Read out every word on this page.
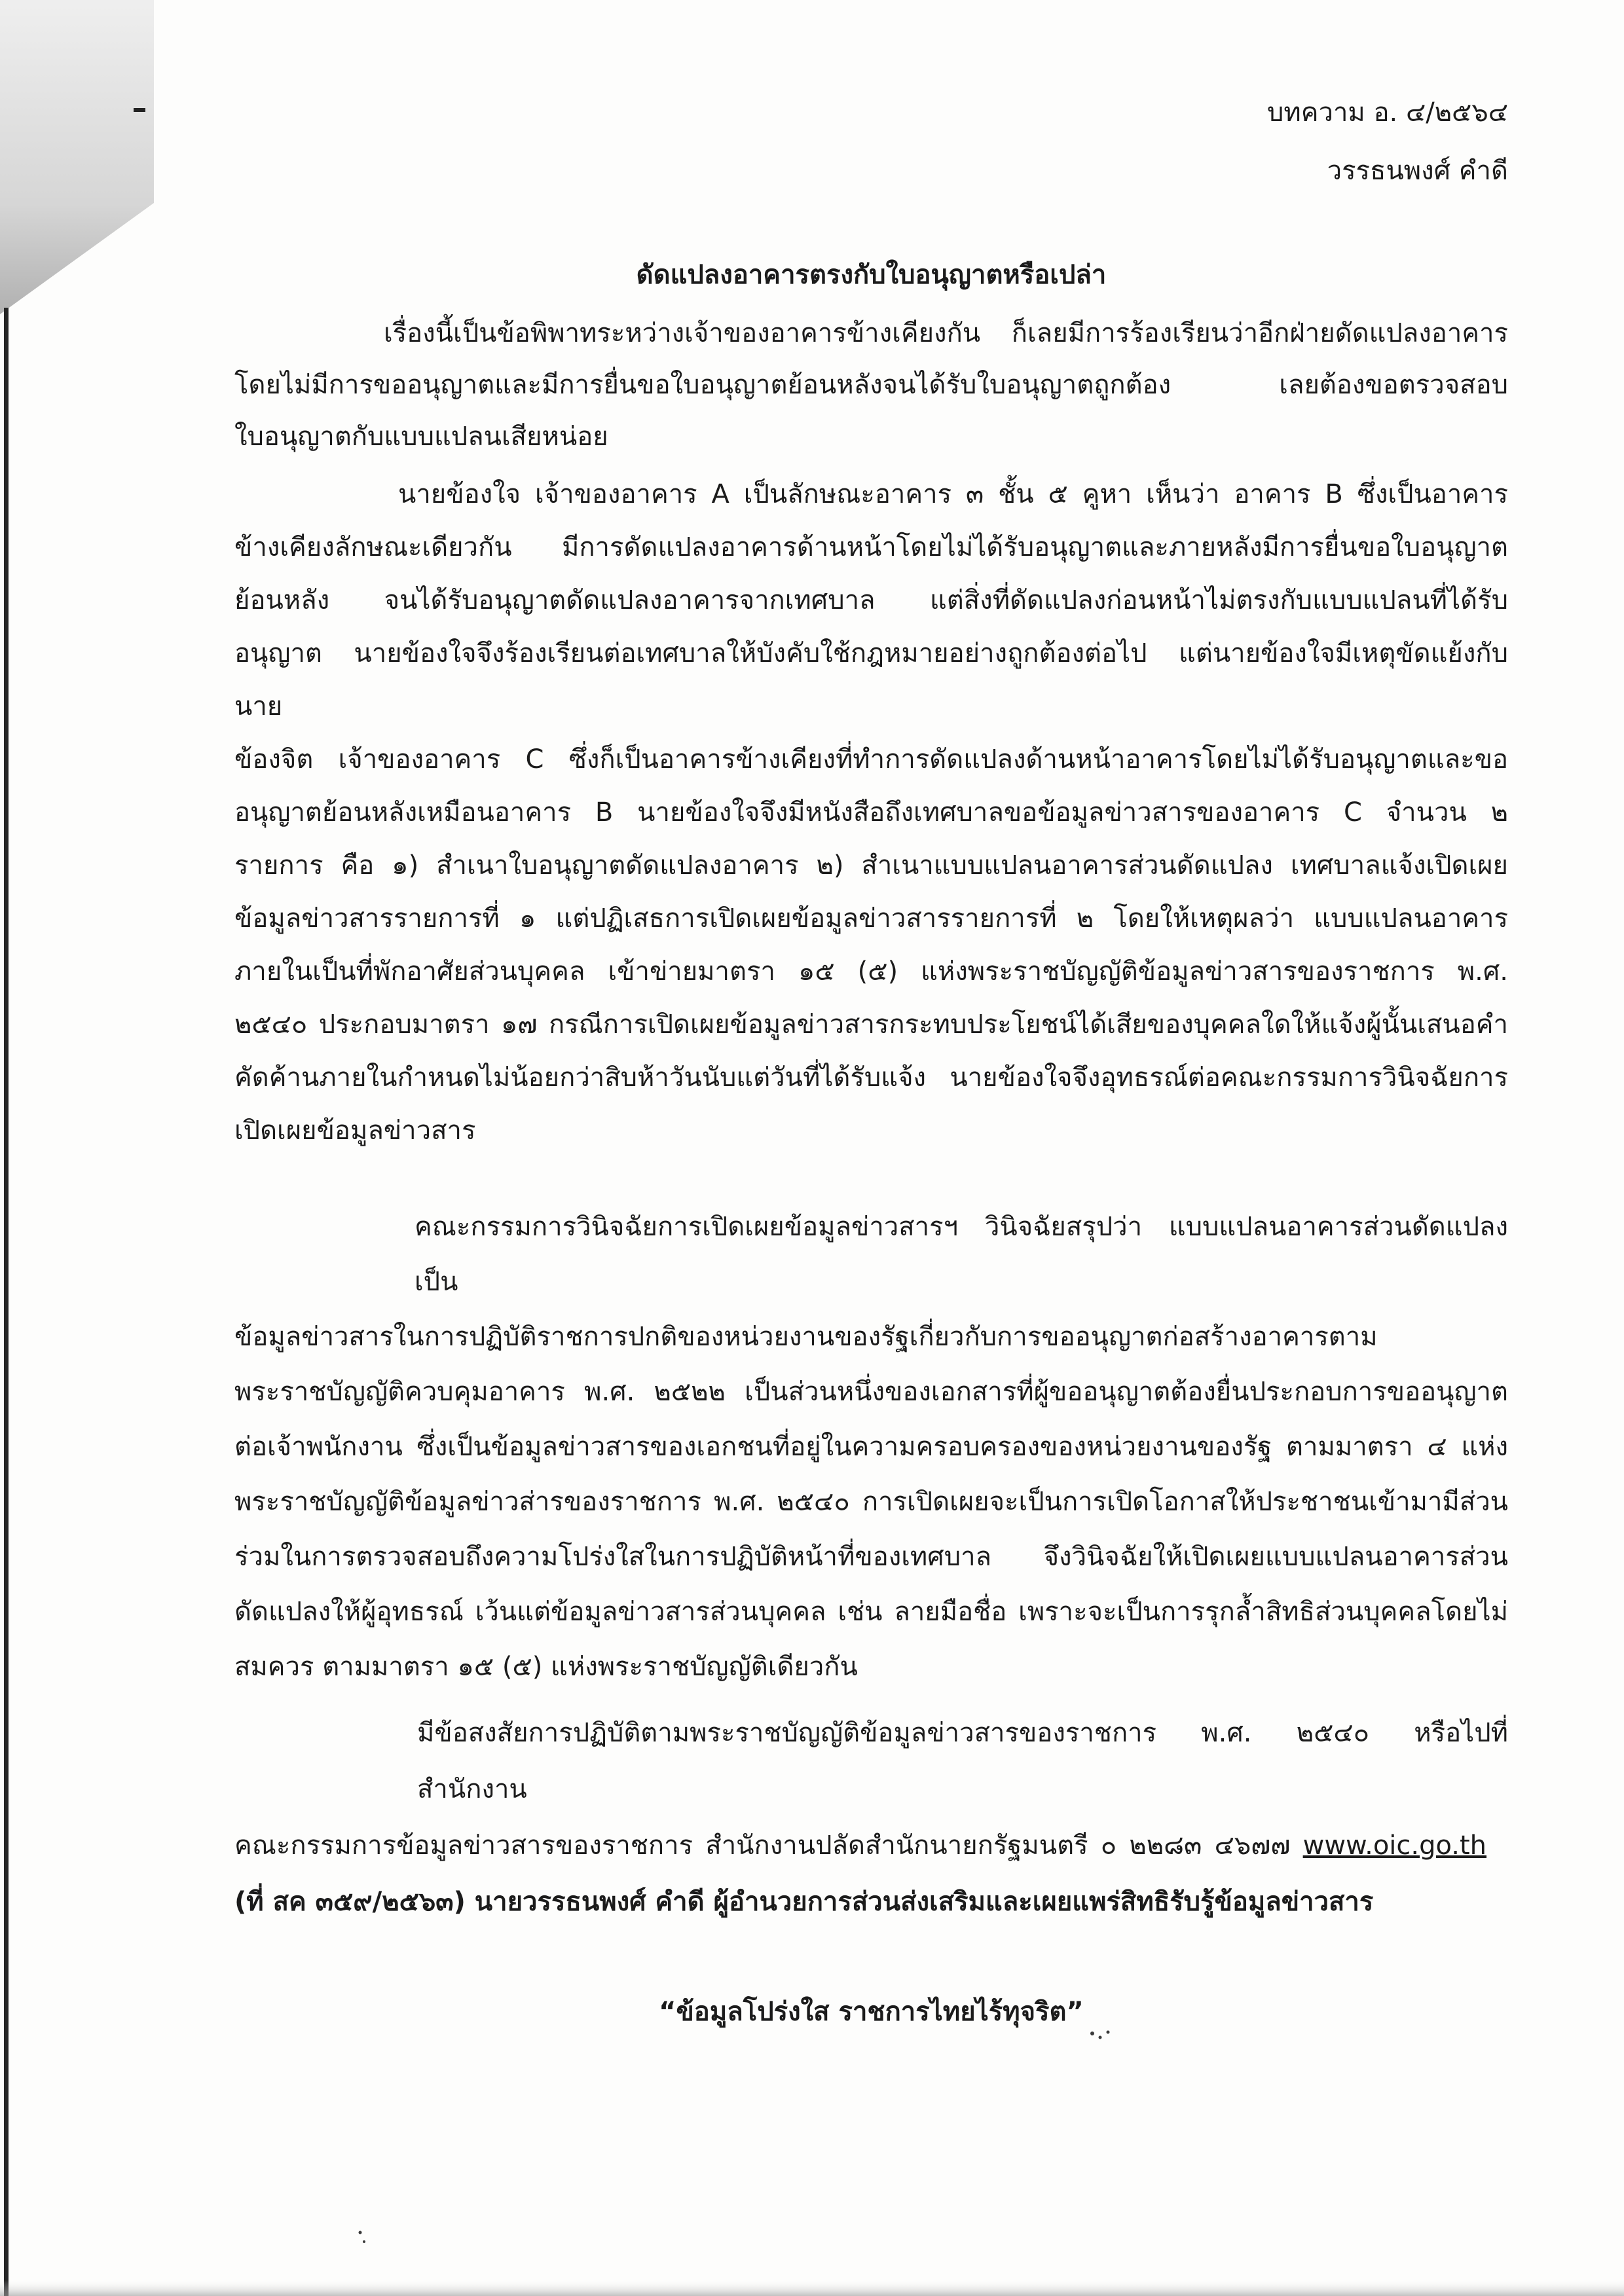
บทความ อ. ๔/๒๕๖๔
วรรธนพงศ์ คำดี
ดัดแปลงอาคารตรงกับใบอนุญาตหรือเปล่า
เรื่องนี้เป็นข้อพิพาทระหว่างเจ้าของอาคารข้างเคียงกัน ก็เลยมีการร้องเรียนว่าอีกฝ่ายดัดแปลงอาคาร
โดยไม่มีการขออนุญาตและมีการยื่นขอใบอนุญาตย้อนหลังจนได้รับใบอนุญาตถูกต้อง เลยต้องขอตรวจสอบ
ใบอนุญาตกับแบบแปลนเสียหน่อย
นายข้องใจ เจ้าของอาคาร A เป็นลักษณะอาคาร ๓ ชั้น ๕ คูหา เห็นว่า อาคาร B ซึ่งเป็นอาคาร
ข้างเคียงลักษณะเดียวกัน มีการดัดแปลงอาคารด้านหน้าโดยไม่ได้รับอนุญาตและภายหลังมีการยื่นขอใบอนุญาต
ย้อนหลัง จนได้รับอนุญาตดัดแปลงอาคารจากเทศบาล แต่สิ่งที่ดัดแปลงก่อนหน้าไม่ตรงกับแบบแปลนที่ได้รับ
อนุญาต นายข้องใจจึงร้องเรียนต่อเทศบาลให้บังคับใช้กฎหมายอย่างถูกต้องต่อไป แต่นายข้องใจมีเหตุขัดแย้งกับนาย
ข้องจิต เจ้าของอาคาร C ซึ่งก็เป็นอาคารข้างเคียงที่ทำการดัดแปลงด้านหน้าอาคารโดยไม่ได้รับอนุญาตและขอ
อนุญาตย้อนหลังเหมือนอาคาร B นายข้องใจจึงมีหนังสือถึงเทศบาลขอข้อมูลข่าวสารของอาคาร C จำนวน ๒
รายการ คือ ๑) สำเนาใบอนุญาตดัดแปลงอาคาร ๒) สำเนาแบบแปลนอาคารส่วนดัดแปลง เทศบาลแจ้งเปิดเผย
ข้อมูลข่าวสารรายการที่ ๑ แต่ปฏิเสธการเปิดเผยข้อมูลข่าวสารรายการที่ ๒ โดยให้เหตุผลว่า แบบแปลนอาคาร
ภายในเป็นที่พักอาศัยส่วนบุคคล เข้าข่ายมาตรา ๑๕ (๕) แห่งพระราชบัญญัติข้อมูลข่าวสารของราชการ พ.ศ.
๒๕๔๐ ประกอบมาตรา ๑๗ กรณีการเปิดเผยข้อมูลข่าวสารกระทบประโยชน์ได้เสียของบุคคลใดให้แจ้งผู้นั้นเสนอคำ
คัดค้านภายในกำหนดไม่น้อยกว่าสิบห้าวันนับแต่วันที่ได้รับแจ้ง นายข้องใจจึงอุทธรณ์ต่อคณะกรรมการวินิจฉัยการ
เปิดเผยข้อมูลข่าวสาร
คณะกรรมการวินิจฉัยการเปิดเผยข้อมูลข่าวสารฯ วินิจฉัยสรุปว่า แบบแปลนอาคารส่วนดัดแปลงเป็น
ข้อมูลข่าวสารในการปฏิบัติราชการปกติของหน่วยงานของรัฐเกี่ยวกับการขออนุญาตก่อสร้างอาคารตาม
พระราชบัญญัติควบคุมอาคาร พ.ศ. ๒๕๒๒ เป็นส่วนหนึ่งของเอกสารที่ผู้ขออนุญาตต้องยื่นประกอบการขออนุญาต
ต่อเจ้าพนักงาน ซึ่งเป็นข้อมูลข่าวสารของเอกชนที่อยู่ในความครอบครองของหน่วยงานของรัฐ ตามมาตรา ๔ แห่ง
พระราชบัญญัติข้อมูลข่าวส่ารของราชการ พ.ศ. ๒๕๔๐ การเปิดเผยจะเป็นการเปิดโอกาสให้ประชาชนเข้ามามีส่วน
ร่วมในการตรวจสอบถึงความโปร่งใสในการปฏิบัติหน้าที่ของเทศบาล จึงวินิจฉัยให้เปิดเผยแบบแปลนอาคารส่วน
ดัดแปลงให้ผู้อุทธรณ์ เว้นแต่ข้อมูลข่าวสารส่วนบุคคล เช่น ลายมือชื่อ เพราะจะเป็นการรุกล้ำสิทธิส่วนบุคคลโดยไม่
สมควร ตามมาตรา ๑๕ (๕) แห่งพระราชบัญญัติเดียวกัน
มีข้อสงสัยการปฏิบัติตามพระราชบัญญัติข้อมูลข่าวสารของราชการ พ.ศ. ๒๕๔๐ หรือไปที่สำนักงาน
คณะกรรมการข้อมูลข่าวสารของราชการ สำนักงานปลัดสำนักนายกรัฐมนตรี ๐ ๒๒๘๓ ๔๖๗๗ www.oic.go.th
(ที่ สค ๓๕๙/๒๕๖๓) นายวรรธนพงศ์ คำดี ผู้อำนวยการส่วนส่งเสริมและเผยแพร่สิทธิรับรู้ข้อมูลข่าวสาร
“ข้อมูลโปร่งใส ราชการไทยไร้ทุจริต”
